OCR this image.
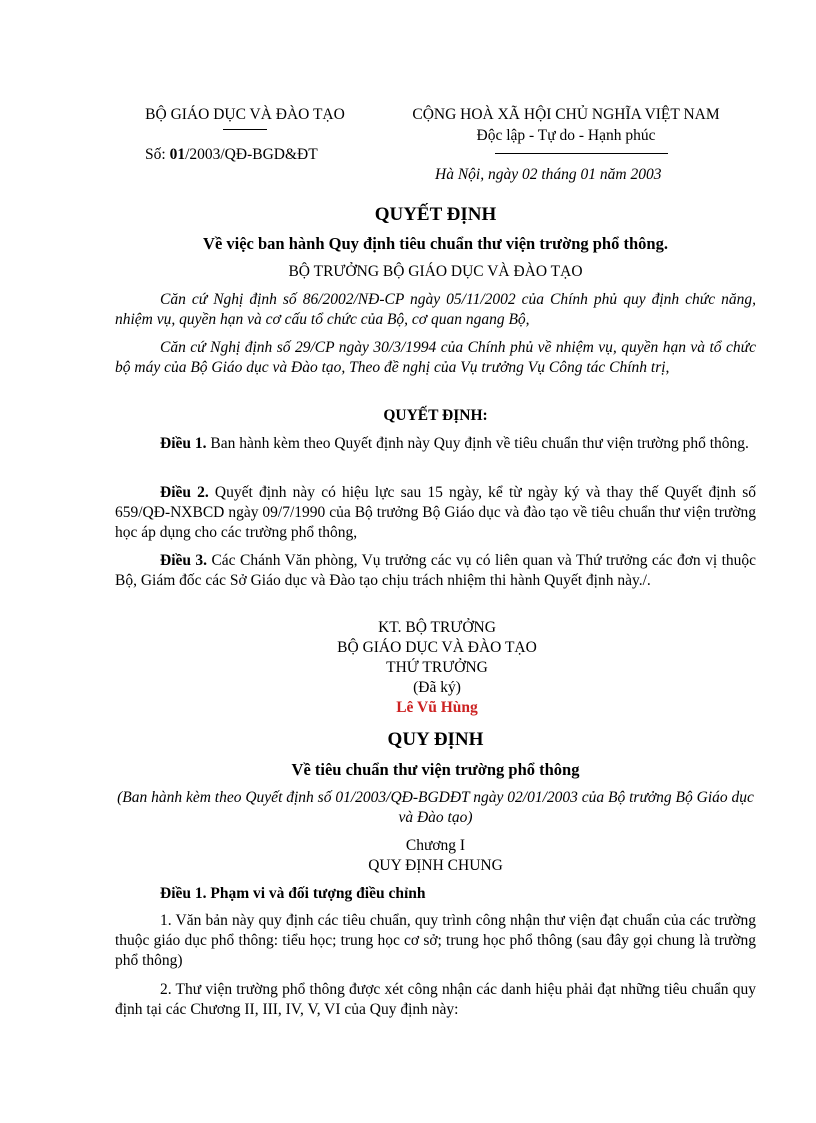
BỘ GIÁO DỤC VÀ ĐÀO TẠO
Số: 01/2003/QĐ-BGD&ĐT
CỘNG HOÀ XÃ HỘI CHỦ NGHĨA VIỆT NAM
Độc lập - Tự do - Hạnh phúc
Hà Nội, ngày 02 tháng 01 năm 2003
QUYẾT ĐỊNH
Về việc ban hành Quy định tiêu chuẩn thư viện trường phổ thông.
BỘ TRƯỞNG BỘ GIÁO DỤC VÀ ĐÀO TẠO
Căn cứ Nghị định số 86/2002/NĐ-CP ngày 05/11/2002 của Chính phủ quy định chức năng, nhiệm vụ, quyền hạn và cơ cấu tổ chức của Bộ, cơ quan ngang Bộ,
Căn cứ Nghị định số 29/CP ngày 30/3/1994 của Chính phủ về nhiệm vụ, quyền hạn và tổ chức bộ máy của Bộ Giáo dục và Đào tạo, Theo đề nghị của Vụ trưởng Vụ Công tác Chính trị,
QUYẾT ĐỊNH:
Điều 1. Ban hành kèm theo Quyết định này Quy định về tiêu chuẩn thư viện trường phổ thông.
Điều 2. Quyết định này có hiệu lực sau 15 ngày, kể từ ngày ký và thay thế Quyết định số 659/QĐ-NXBCD ngày 09/7/1990 của Bộ trưởng Bộ Giáo dục và đào tạo về tiêu chuẩn thư viện trường học áp dụng cho các trường phổ thông,
Điều 3. Các Chánh Văn phòng, Vụ trưởng các vụ có liên quan và Thứ trưởng các đơn vị thuộc Bộ, Giám đốc các Sở Giáo dục và Đào tạo chịu trách nhiệm thi hành Quyết định này./.
KT. BỘ TRƯỞNG
BỘ GIÁO DỤC VÀ ĐÀO TẠO
THỨ TRƯỞNG
(Đã ký)
Lê Vũ Hùng
QUY ĐỊNH
Về tiêu chuẩn thư viện trường phổ thông
(Ban hành kèm theo Quyết định số 01/2003/QĐ-BGDĐT ngày 02/01/2003 của Bộ trưởng Bộ Giáo dục và Đào tạo)
Chương I
QUY ĐỊNH CHUNG
Điều 1. Phạm vi và đối tượng điều chỉnh
1. Văn bản này quy định các tiêu chuẩn, quy trình công nhận thư viện đạt chuẩn của các trường thuộc giáo dục phổ thông: tiểu học; trung học cơ sở; trung học phổ thông (sau đây gọi chung là trường phổ thông)
2. Thư viện trường phổ thông được xét công nhận các danh hiệu phải đạt những tiêu chuẩn quy định tại các Chương II, III, IV, V, VI của Quy định này:
